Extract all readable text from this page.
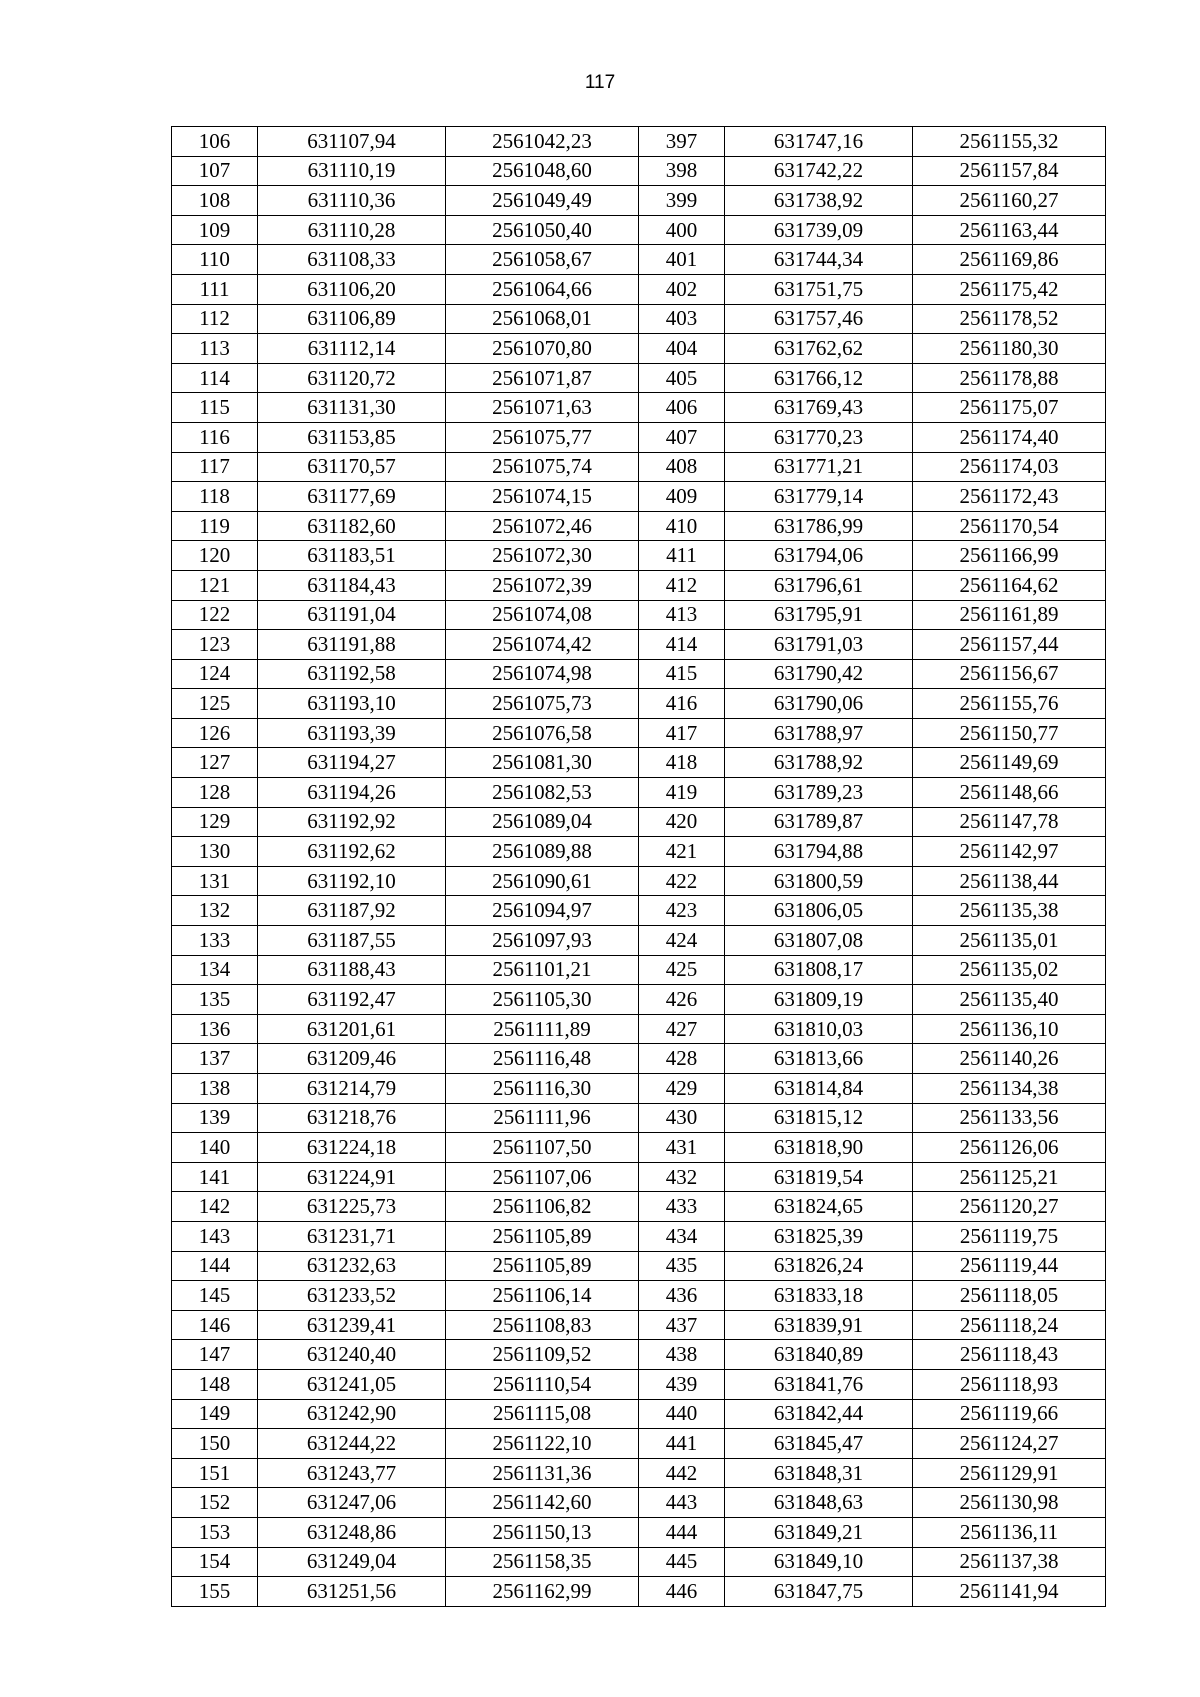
117
106	631107,94	2561042,23	397	631747,16	2561155,32
107	631110,19	2561048,60	398	631742,22	2561157,84
108	631110,36	2561049,49	399	631738,92	2561160,27
109	631110,28	2561050,40	400	631739,09	2561163,44
110	631108,33	2561058,67	401	631744,34	2561169,86
111	631106,20	2561064,66	402	631751,75	2561175,42
112	631106,89	2561068,01	403	631757,46	2561178,52
113	631112,14	2561070,80	404	631762,62	2561180,30
114	631120,72	2561071,87	405	631766,12	2561178,88
115	631131,30	2561071,63	406	631769,43	2561175,07
116	631153,85	2561075,77	407	631770,23	2561174,40
117	631170,57	2561075,74	408	631771,21	2561174,03
118	631177,69	2561074,15	409	631779,14	2561172,43
119	631182,60	2561072,46	410	631786,99	2561170,54
120	631183,51	2561072,30	411	631794,06	2561166,99
121	631184,43	2561072,39	412	631796,61	2561164,62
122	631191,04	2561074,08	413	631795,91	2561161,89
123	631191,88	2561074,42	414	631791,03	2561157,44
124	631192,58	2561074,98	415	631790,42	2561156,67
125	631193,10	2561075,73	416	631790,06	2561155,76
126	631193,39	2561076,58	417	631788,97	2561150,77
127	631194,27	2561081,30	418	631788,92	2561149,69
128	631194,26	2561082,53	419	631789,23	2561148,66
129	631192,92	2561089,04	420	631789,87	2561147,78
130	631192,62	2561089,88	421	631794,88	2561142,97
131	631192,10	2561090,61	422	631800,59	2561138,44
132	631187,92	2561094,97	423	631806,05	2561135,38
133	631187,55	2561097,93	424	631807,08	2561135,01
134	631188,43	2561101,21	425	631808,17	2561135,02
135	631192,47	2561105,30	426	631809,19	2561135,40
136	631201,61	2561111,89	427	631810,03	2561136,10
137	631209,46	2561116,48	428	631813,66	2561140,26
138	631214,79	2561116,30	429	631814,84	2561134,38
139	631218,76	2561111,96	430	631815,12	2561133,56
140	631224,18	2561107,50	431	631818,90	2561126,06
141	631224,91	2561107,06	432	631819,54	2561125,21
142	631225,73	2561106,82	433	631824,65	2561120,27
143	631231,71	2561105,89	434	631825,39	2561119,75
144	631232,63	2561105,89	435	631826,24	2561119,44
145	631233,52	2561106,14	436	631833,18	2561118,05
146	631239,41	2561108,83	437	631839,91	2561118,24
147	631240,40	2561109,52	438	631840,89	2561118,43
148	631241,05	2561110,54	439	631841,76	2561118,93
149	631242,90	2561115,08	440	631842,44	2561119,66
150	631244,22	2561122,10	441	631845,47	2561124,27
151	631243,77	2561131,36	442	631848,31	2561129,91
152	631247,06	2561142,60	443	631848,63	2561130,98
153	631248,86	2561150,13	444	631849,21	2561136,11
154	631249,04	2561158,35	445	631849,10	2561137,38
155	631251,56	2561162,99	446	631847,75	2561141,94
